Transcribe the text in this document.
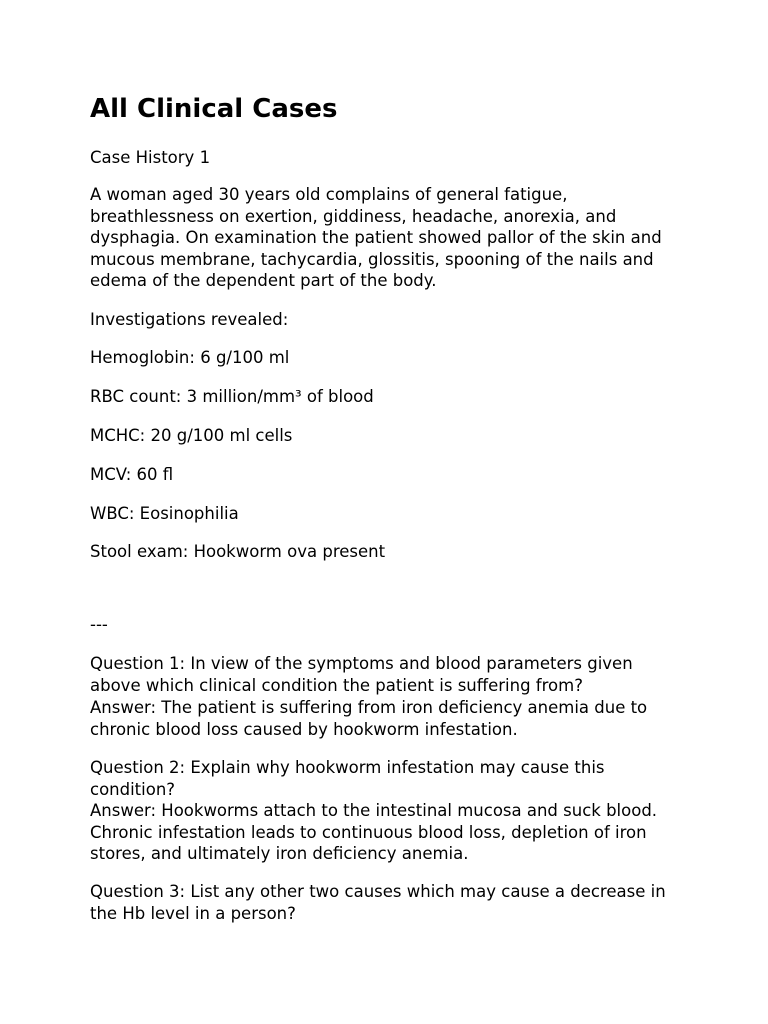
All Clinical Cases

Case History 1

A woman aged 30 years old complains of general fatigue, breathlessness on exertion, giddiness, headache, anorexia, and dysphagia. On examination the patient showed pallor of the skin and mucous membrane, tachycardia, glossitis, spooning of the nails and edema of the dependent part of the body.

Investigations revealed:

Hemoglobin: 6 g/100 ml

RBC count: 3 million/mm³ of blood

MCHC: 20 g/100 ml cells

MCV: 60 fl

WBC: Eosinophilia

Stool exam: Hookworm ova present

---

Question 1: In view of the symptoms and blood parameters given above which clinical condition the patient is suffering from?

Answer: The patient is suffering from iron deficiency anemia due to chronic blood loss caused by hookworm infestation.

Question 2: Explain why hookworm infestation may cause this condition?

Answer: Hookworms attach to the intestinal mucosa and suck blood. Chronic infestation leads to continuous blood loss, depletion of iron stores, and ultimately iron deficiency anemia.

Question 3: List any other two causes which may cause a decrease in the Hb level in a person?
